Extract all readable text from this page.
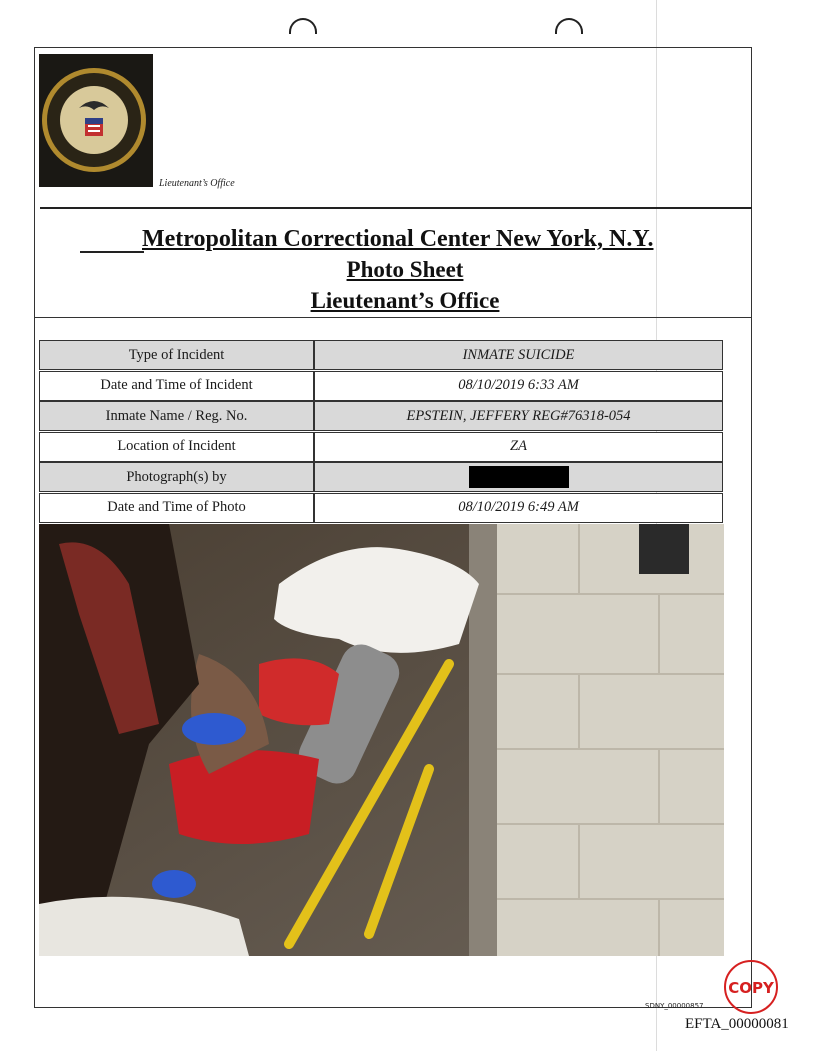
Lieutenant’s Office
Metropolitan Correctional Center New York, N.Y.
Photo Sheet
Lieutenant’s Office
Type of Incident	INMATE SUICIDE
Date and Time of Incident	08/10/2019 6:33 AM
Inmate Name / Reg. No.	EPSTEIN, JEFFERY REG#76318-054
Location of Incident	ZA
Photograph(s) by
Date and Time of Photo	08/10/2019 6:49 AM
COPY
SDNY_00000857
EFTA_00000081
